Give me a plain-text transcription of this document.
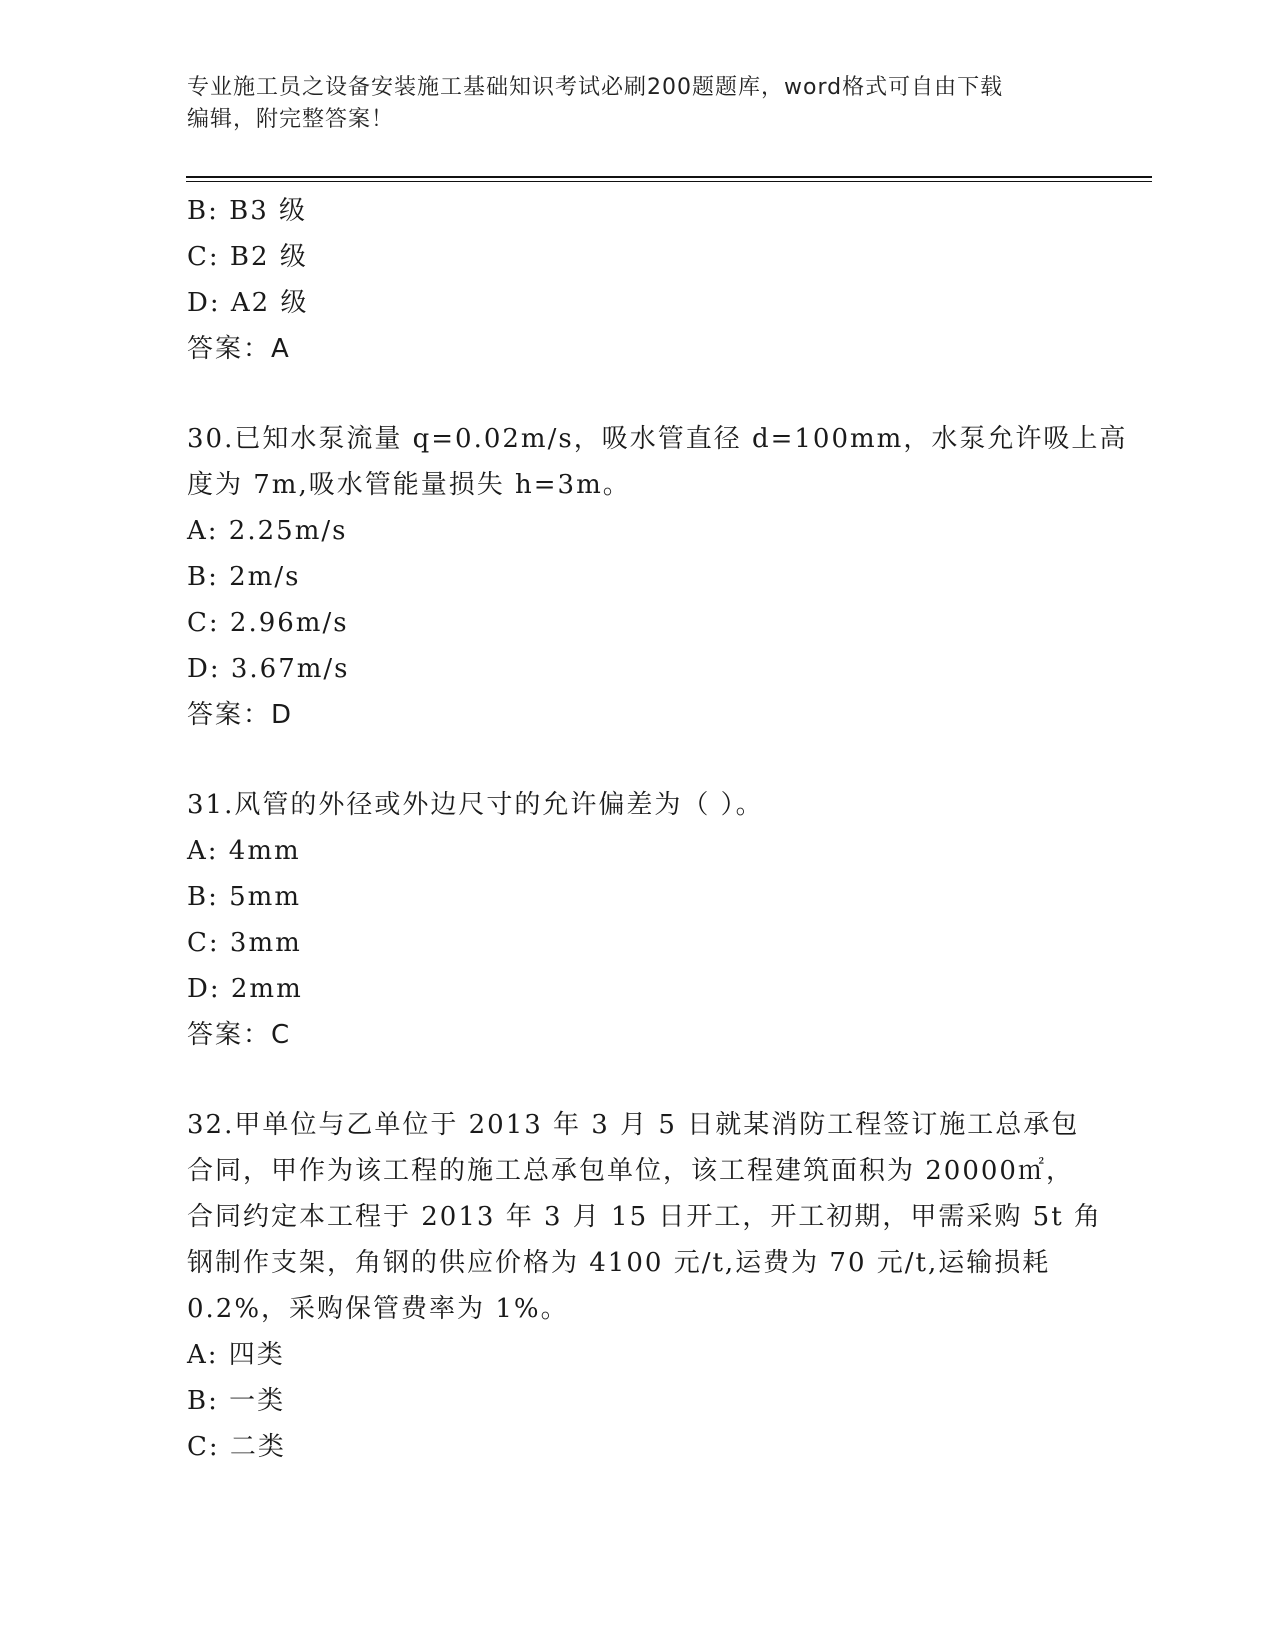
专业施工员之设备安装施工基础知识考试必刷200题题库，word格式可自由下载
编辑，附完整答案！
B: B3 级
C: B2 级
D: A2 级
答案：A
30.已知水泵流量 q=0.02m/s，吸水管直径 d=100mm，水泵允许吸上高
度为 7m,吸水管能量损失 h=3m。
A: 2.25m/s
B: 2m/s
C: 2.96m/s
D: 3.67m/s
答案：D
31.风管的外径或外边尺寸的允许偏差为（ ）。
A: 4mm
B: 5mm
C: 3mm
D: 2mm
答案：C
32.甲单位与乙单位于 2013 年 3 月 5 日就某消防工程签订施工总承包
合同，甲作为该工程的施工总承包单位，该工程建筑面积为 20000㎡，
合同约定本工程于 2013 年 3 月 15 日开工，开工初期，甲需采购 5t 角
钢制作支架，角钢的供应价格为 4100 元/t,运费为 70 元/t,运输损耗
0.2%，采购保管费率为 1%。
A: 四类
B: 一类
C: 二类
